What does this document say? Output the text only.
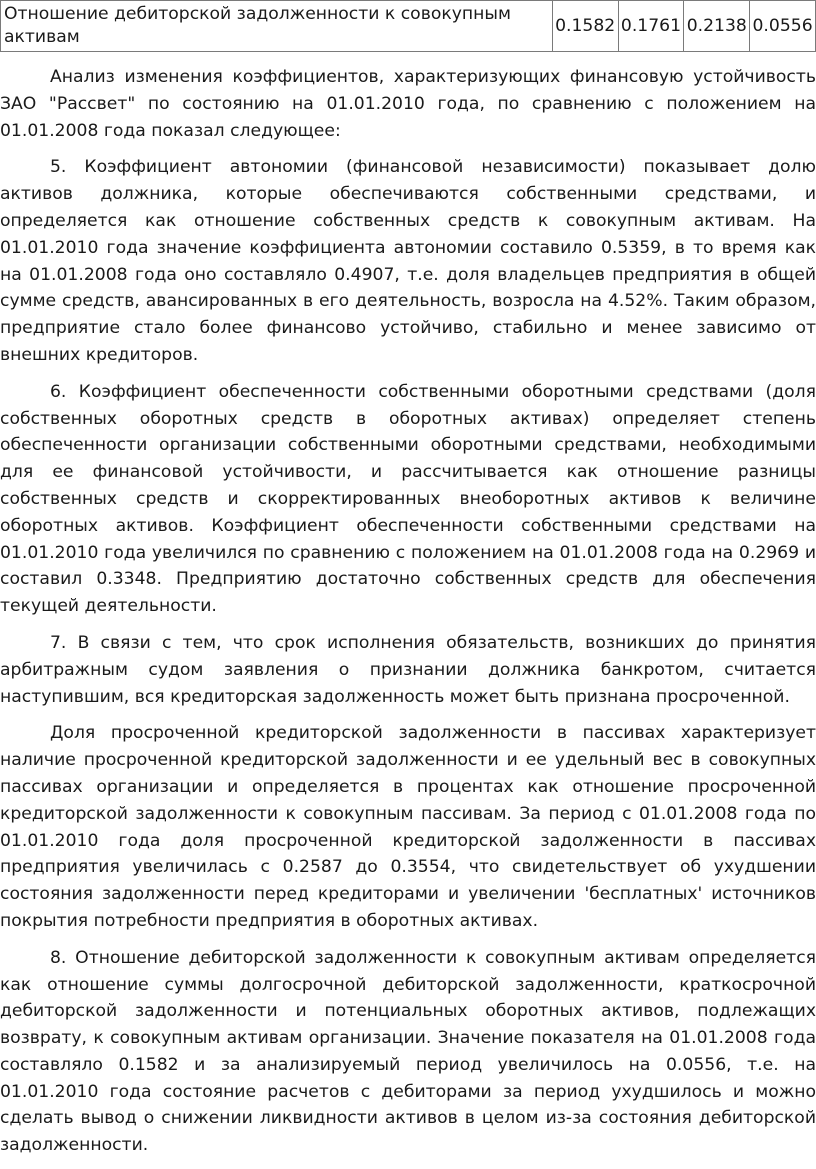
Отношение дебиторской задолженности к совокупным активам	0.1582	0.1761	0.2138	0.0556

Анализ изменения коэффициентов, характеризующих финансовую устойчивость ЗАО "Рассвет" по состоянию на 01.01.2010 года, по сравнению с положением на 01.01.2008 года показал следующее:

5. Коэффициент автономии (финансовой независимости) показывает долю активов должника, которые обеспечиваются собственными средствами, и определяется как отношение собственных средств к совокупным активам. На 01.01.2010 года значение коэффициента автономии составило 0.5359, в то время как на 01.01.2008 года оно составляло 0.4907, т.е. доля владельцев предприятия в общей сумме средств, авансированных в его деятельность, возросла на 4.52%. Таким образом, предприятие стало более финансово устойчиво, стабильно и менее зависимо от внешних кредиторов.

6. Коэффициент обеспеченности собственными оборотными средствами (доля собственных оборотных средств в оборотных активах) определяет степень обеспеченности организации собственными оборотными средствами, необходимыми для ее финансовой устойчивости, и рассчитывается как отношение разницы собственных средств и скорректированных внеоборотных активов к величине оборотных активов. Коэффициент обеспеченности собственными средствами на 01.01.2010 года увеличился по сравнению с положением на 01.01.2008 года на 0.2969 и составил 0.3348. Предприятию достаточно собственных средств для обеспечения текущей деятельности.

7. В связи с тем, что срок исполнения обязательств, возникших до принятия арбитражным судом заявления о признании должника банкротом, считается наступившим, вся кредиторская задолженность может быть признана просроченной.

Доля просроченной кредиторской задолженности в пассивах характеризует наличие просроченной кредиторской задолженности и ее удельный вес в совокупных пассивах организации и определяется в процентах как отношение просроченной кредиторской задолженности к совокупным пассивам. За период с 01.01.2008 года по 01.01.2010 года доля просроченной кредиторской задолженности в пассивах предприятия увеличилась с 0.2587 до 0.3554, что свидетельствует об ухудшении состояния задолженности перед кредиторами и увеличении 'бесплатных' источников покрытия потребности предприятия в оборотных активах.

8. Отношение дебиторской задолженности к совокупным активам определяется как отношение суммы долгосрочной дебиторской задолженности, краткосрочной дебиторской задолженности и потенциальных оборотных активов, подлежащих возврату, к совокупным активам организации. Значение показателя на 01.01.2008 года составляло 0.1582 и за анализируемый период увеличилось на 0.0556, т.е. на 01.01.2010 года состояние расчетов с дебиторами за период ухудшилось и можно сделать вывод о снижении ликвидности активов в целом из-за состояния дебиторской задолженности.
